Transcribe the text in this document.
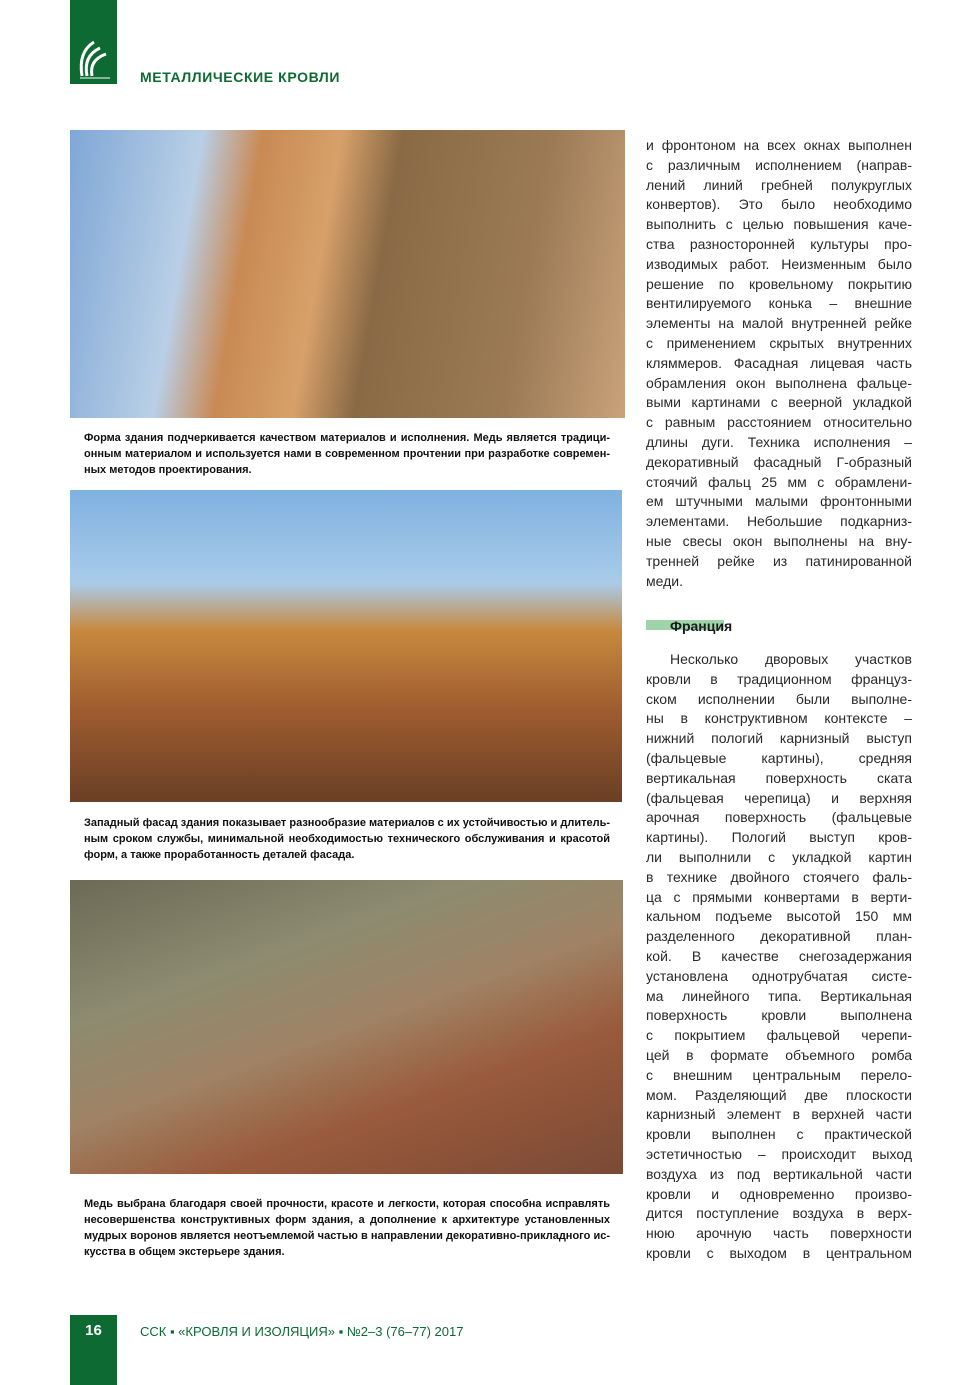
МЕТАЛЛИЧЕСКИЕ КРОВЛИ
Форма здания подчеркивается качеством материалов и исполнения. Медь является традици-
онным материалом и используется нами в современном прочтении при разработке современ-
ных методов проектирования.
Западный фасад здания показывает разнообразие материалов с их устойчивостью и длитель-
ным сроком службы, минимальной необходимостью технического обслуживания и красотой
форм, а также проработанность деталей фасада.
Медь выбрана благодаря своей прочности, красоте и легкости, которая способна исправлять
несовершенства конструктивных форм здания, а дополнение к архитектуре установленных
мудрых воронов является неотъемлемой частью в направлении декоративно-прикладного ис-
кусства в общем экстерьере здания.
и фронтоном на всех окнах выполнен
с различным исполнением (направ-
лений линий гребней полукруглых
конвертов). Это было необходимо
выполнить с целью повышения каче-
ства разносторонней культуры про-
изводимых работ. Неизменным было
решение по кровельному покрытию
вентилируемого конька – внешние
элементы на малой внутренней рейке
с применением скрытых внутренних
кляммеров. Фасадная лицевая часть
обрамления окон выполнена фальце-
выми картинами с веерной укладкой
с равным расстоянием относительно
длины дуги. Техника исполнения –
декоративный фасадный Г-образный
стоячий фальц 25 мм с обрамлени-
ем штучными малыми фронтонными
элементами. Небольшие подкарниз-
ные свесы окон выполнены на вну-
тренней рейке из патинированной
меди.
Франция
Несколько дворовых участков
кровли в традиционном француз-
ском исполнении были выполне-
ны в конструктивном контексте –
нижний пологий карнизный выступ
(фальцевые картины), средняя
вертикальная поверхность ската
(фальцевая черепица) и верхняя
арочная поверхность (фальцевые
картины). Пологий выступ кров-
ли выполнили с укладкой картин
в технике двойного стоячего фаль-
ца с прямыми конвертами в верти-
кальном подъеме высотой 150 мм
разделенного декоративной план-
кой. В качестве снегозадержания
установлена однотрубчатая систе-
ма линейного типа. Вертикальная
поверхность кровли выполнена
с покрытием фальцевой черепи-
цей в формате объемного ромба
с внешним центральным перело-
мом. Разделяющий две плоскости
карнизный элемент в верхней части
кровли выполнен с практической
эстетичностью – происходит выход
воздуха из под вертикальной части
кровли и одновременно произво-
дится поступление воздуха в верх-
нюю арочную часть поверхности
кровли с выходом в центральном
16	ССК ▪ «КРОВЛЯ И ИЗОЛЯЦИЯ» ▪ №2–3 (76–77) 2017
